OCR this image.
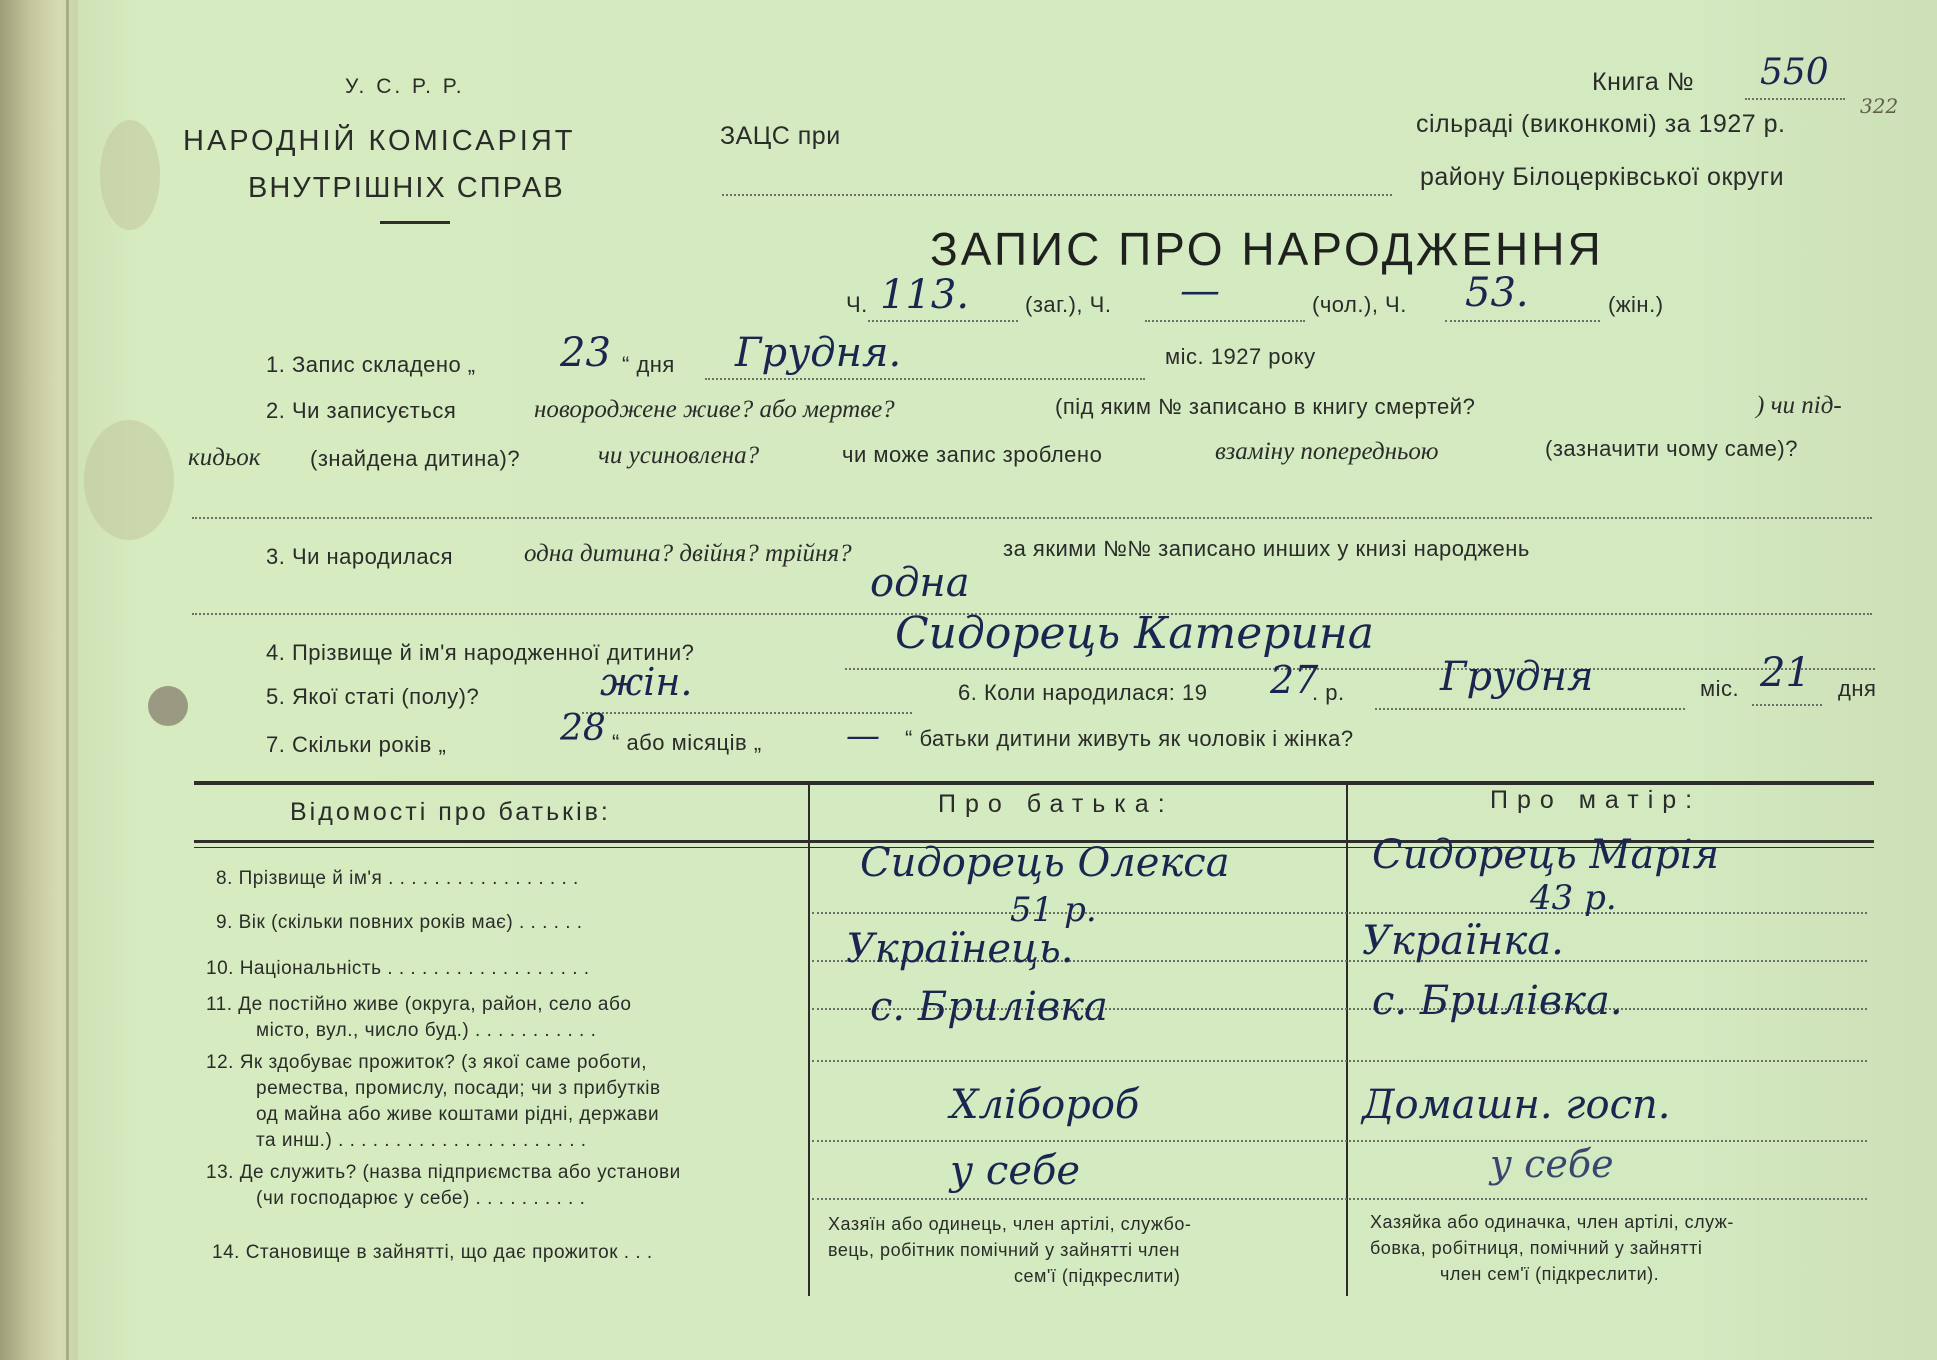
У. С. Р. Р.
НАРОДНІЙ КОМІСАРІЯТ
ВНУТРІШНІХ СПРАВ
ЗАЦС при
Книга № 550
322
сільраді (виконкомі) за 1927 р.
району Білоцерківської округи
ЗАПИС ПРО НАРОДЖЕННЯ
Ч. 113.	(заг.), Ч. —	(чол.), Ч. 53.	(жін.)
1. Запис складено „ 23 “ дня Грудня.	міс. 1927 року
2. Чи записується	новороджене живе? або мертве?	(під яким № записано в книгу смертей?	) чи під-
кидьок (знайдена дитина)?	чи усиновлена?	чи може запис зроблено	взаміну попередньою	(зазначити чому саме)?
3. Чи народилася	одна дитина? двійня? трійня?	за якими №№ записано инших у книзі народжень
одна
4. Прізвище й ім'я народженної дитини?	Сидорець Катерина
5. Якої статі (полу)?	жін.	6. Коли народилася: 19 27
. р. Грудня	міс. 21 дня
7. Скільки років „	28 “ або місяців „ — “ батьки дитини живуть як чоловік і жінка?
Відомості про батьків:	Про батька:	Про матір:
8. Прізвище й ім'я . . . . . . . . . . . . . . . . .	Сидорець Олекса	Сидорець Марія
9. Вік (скільки повних років має) . . . . . .	51 р.	43 р.
10. Національність . . . . . . . . . . . . . . . . . .	Українець.	Українка.
11. Де постійно живе (округа, район, село або
місто, вул., число буд.) . . . . . . . . . . .
с. Брилівка	с. Брилівка.
12. Як здобуває прожиток? (з якої саме роботи,
ремества, промислу, посади; чи з прибутків
од майна або живе коштами рідні, держави
та инш.) . . . . . . . . . . . . . . . . . . . . . .
Хлібороб	Домашн. госп.
13. Де служить? (назва підприємства або установи
(чи господарює у себе) . . . . . . . . . .
у себе	у себе
14. Становище в зайнятті, що дає прожиток . . .
Хазяїн або одинець, член артілі, службо-
вець, робітник помічний у зайнятті член
сем'ї (підкреслити)
Хазяйка або одиначка, член артілі, служ-
бовка, робітниця, помічний у зайнятті
член сем'ї (підкреслити).
